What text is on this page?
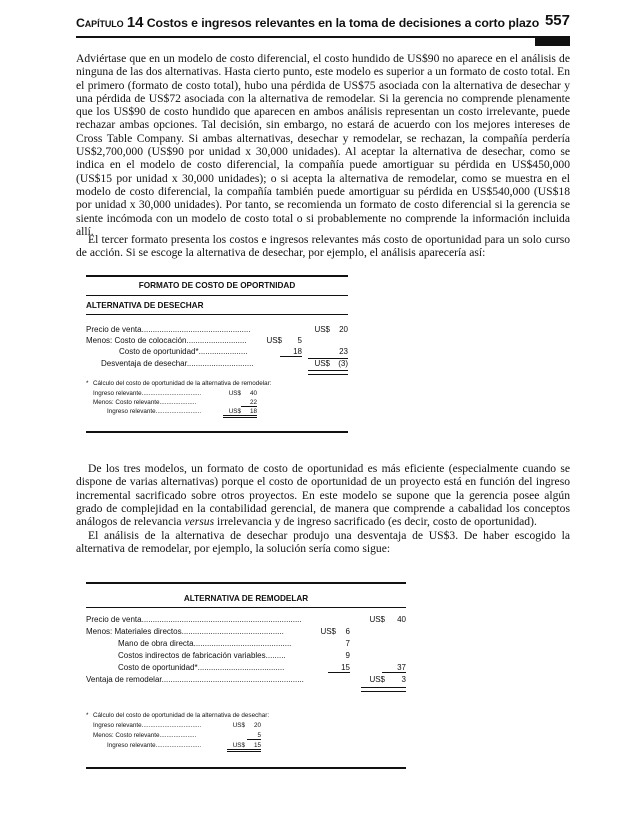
Capítulo 14 Costos e ingresos relevantes en la toma de decisiones a corto plazo 557

Adviértase que en un modelo de costo diferencial, el costo hundido de US$90 no aparece en el análisis de ninguna de las dos alternativas. Hasta cierto punto, este modelo es superior a un formato de costo total. En el primero (formato de costo total), hubo una pérdida de US$75 asociada con la alternativa de desechar y una pérdida de US$72 asociada con la alternativa de remodelar. Si la gerencia no comprende plenamente que los US$90 de costo hundido que aparecen en ambos análisis representan un costo irrelevante, puede rechazar ambas opciones. Tal decisión, sin embargo, no estará de acuerdo con los mejores intereses de Cross Table Company. Si ambas alternativas, desechar y remodelar, se rechazan, la compañía perdería US$2,700,000 (US$90 por unidad x 30,000 unidades). Al aceptar la alternativa de desechar, como se indica en el modelo de costo diferencial, la compañía puede amortiguar su pérdida en US$450,000 (US$15 por unidad x 30,000 unidades); o si acepta la alternativa de remodelar, como se muestra en el modelo de costo diferencial, la compañía también puede amortiguar su pérdida en US$540,000 (US$18 por unidad x 30,000 unidades). Por tanto, se recomienda un formato de costo diferencial si la gerencia se siente incómoda con un modelo de costo total o si probablemente no comprende la información incluida allí.

El tercer formato presenta los costos e ingresos relevantes más costo de oportunidad para un solo curso de acción. Si se escoge la alternativa de desechar, por ejemplo, el análisis aparecería así:

FORMATO DE COSTO DE OPORTNIDAD
ALTERNATIVA DE DESECHAR
Precio de venta.................................................	US$	20
Menos: Costo de colocación...........................	US$	5
Costo de oportunidad*......................	18	23
Desventaja de desechar..............................	US$	(3)
* Cálculo del costo de oportunidad de la alternativa de remodelar:
Ingreso relevante..................................	US$	40
Menos: Costo relevante.....................	22
Ingreso relevante..........................	US$	18

De los tres modelos, un formato de costo de oportunidad es más eficiente (especialmente cuando se dispone de varias alternativas) porque el costo de oportunidad de un proyecto está en función del ingreso incremental sacrificado sobre otros proyectos. En este modelo se supone que la gerencia posee algún grado de complejidad en la contabilidad gerencial, de manera que comprende a cabalidad los conceptos análogos de relevancia versus irrelevancia y de ingreso sacrificado (es decir, costo de oportunidad).

El análisis de la alternativa de desechar produjo una desventaja de US$3. De haber escogido la alternativa de remodelar, por ejemplo, la solución sería como sigue:

ALTERNATIVA DE REMODELAR
Precio de venta........................................................................	US$	40
Menos: Materiales directos..............................................	US$	6
Mano de obra directa............................................	7
Costos indirectos de fabricación variables.........	9
Costo de oportunidad*.......................................	15	37
Ventaja de remodelar................................................................	US$	3
* Cálculo del costo de oportunidad de la alternativa de desechar:
Ingreso relevante..................................	US$	20
Menos: Costo relevante.....................	5
Ingreso relevante..........................	US$	15
